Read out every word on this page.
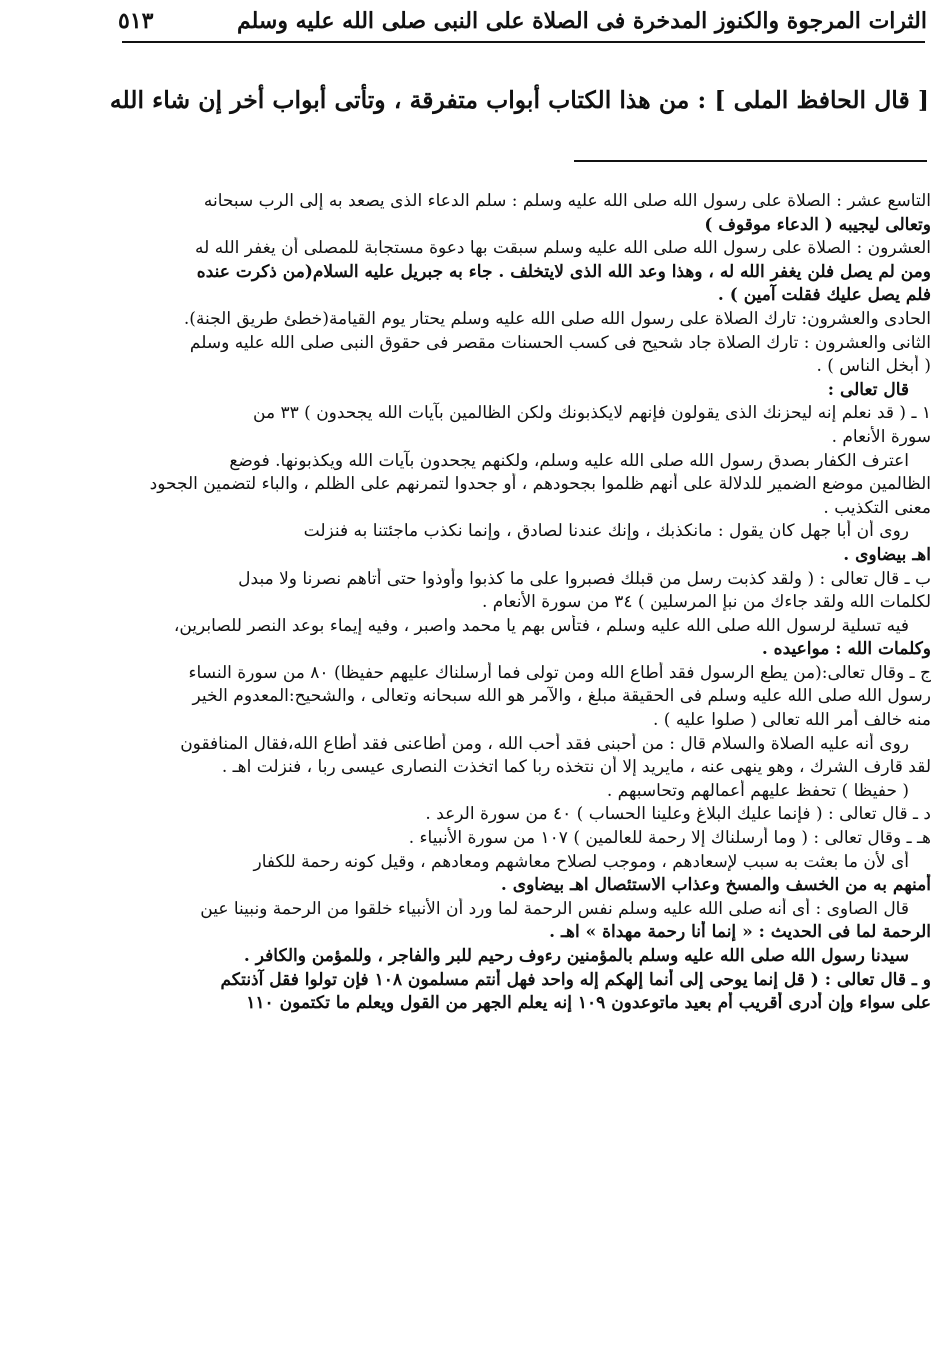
الثرات المرجوة والكنوز المدخرة فى الصلاة على النبى صلى الله عليه وسلم
٥١٣
[ قال الحافظ الملى ] : من هذا الكتاب أبواب متفرقة ، وتأتى أبواب أخر إن شاء الله
التاسع عشر : الصلاة على رسول الله صلى الله عليه وسلم : سلم الدعاء الذى يصعد به إلى الرب سبحانه
وتعالى ليجيبه ( الدعاء موقوف )
العشرون : الصلاة على رسول الله صلى الله عليه وسلم سبقت بها دعوة مستجابة للمصلى أن يغفر الله له
ومن لم يصل فلن يغفر الله له ، وهذا وعد الله الذى لايتخلف . جاء به جبريل عليه السلام(من ذكرت عنده
فلم يصل عليك فقلت آمين ) .
الحادى والعشرون: تارك الصلاة على رسول الله صلى الله عليه وسلم يحتار يوم القيامة(خطئ طريق الجنة).
الثانى والعشرون : تارك الصلاة جاد شحيح فى كسب الحسنات مقصر فى حقوق النبى صلى الله عليه وسلم
( أبخل الناس ) .
قال تعالى :
١ ـ ( قد نعلم إنه ليحزنك الذى يقولون فإنهم لايكذبونك ولكن الظالمين بآيات الله يجحدون ) ٣٣ من
سورة الأنعام .
اعترف الكفار بصدق رسول الله صلى الله عليه وسلم، ولكنهم يجحدون بآيات الله ويكذبونها. فوضع
الظالمين موضع الضمير للدلالة على أنهم ظلموا بجحودهم ، أو جحدوا لتمرنهم على الظلم ، والباء لتضمين الجحود
معنى التكذيب .
روى أن أبا جهل كان يقول : مانكذبك ، وإنك عندنا لصادق ، وإنما نكذب ماجئتنا به فنزلت
اهـ بيضاوى .
ب ـ قال تعالى : ( ولقد كذبت رسل من قبلك فصبروا على ما كذبوا وأوذوا حتى أتاهم نصرنا ولا مبدل
لكلمات الله ولقد جاءك من نبإ المرسلين ) ٣٤ من سورة الأنعام .
فيه تسلية لرسول الله صلى الله عليه وسلم ، فتأس بهم يا محمد واصبر ، وفيه إيماء بوعد النصر للصابرين،
وكلمات الله : مواعيده .
ج ـ وقال تعالى:(من يطع الرسول فقد أطاع الله ومن تولى فما أرسلناك عليهم حفيظا) ٨٠ من سورة النساء
رسول الله صلى الله عليه وسلم فى الحقيقة مبلغ ، والآمر هو الله سبحانه وتعالى ، والشحيح:المعدوم الخير
منه خالف أمر الله تعالى ( صلوا عليه ) .
روى أنه عليه الصلاة والسلام قال : من أحبنى فقد أحب الله ، ومن أطاعنى فقد أطاع الله،فقال المنافقون
لقد قارف الشرك ، وهو ينهى عنه ، مايريد إلا أن نتخذه ربا كما اتخذت النصارى عيسى ربا ، فنزلت اهـ .
( حفيظا ) تحفظ عليهم أعمالهم وتحاسبهم .
د ـ قال تعالى : ( فإنما عليك البلاغ وعلينا الحساب ) ٤٠ من سورة الرعد .
هـ ـ وقال تعالى : ( وما أرسلناك إلا رحمة للعالمين ) ١٠٧ من سورة الأنبياء .
أى لأن ما بعثت به سبب لإسعادهم ، وموجب لصلاح معاشهم ومعادهم ، وقيل كونه رحمة للكفار
أمنهم به من الخسف والمسخ وعذاب الاستئصال اهـ بيضاوى .
قال الصاوى : أى أنه صلى الله عليه وسلم نفس الرحمة لما ورد أن الأنبياء خلقوا من الرحمة ونبينا عين
الرحمة لما فى الحديث : « إنما أنا رحمة مهداة » اهـ .
سيدنا رسول الله صلى الله عليه وسلم بالمؤمنين رءوف رحيم للبر والفاجر ، وللمؤمن والكافر .
و ـ قال تعالى : ( قل إنما يوحى إلى أنما إلهكم إله واحد فهل أنتم مسلمون ١٠٨ فإن تولوا فقل آذنتكم
على سواء وإن أدرى أقريب أم بعيد ماتوعدون ١٠٩ إنه يعلم الجهر من القول ويعلم ما تكتمون ١١٠
